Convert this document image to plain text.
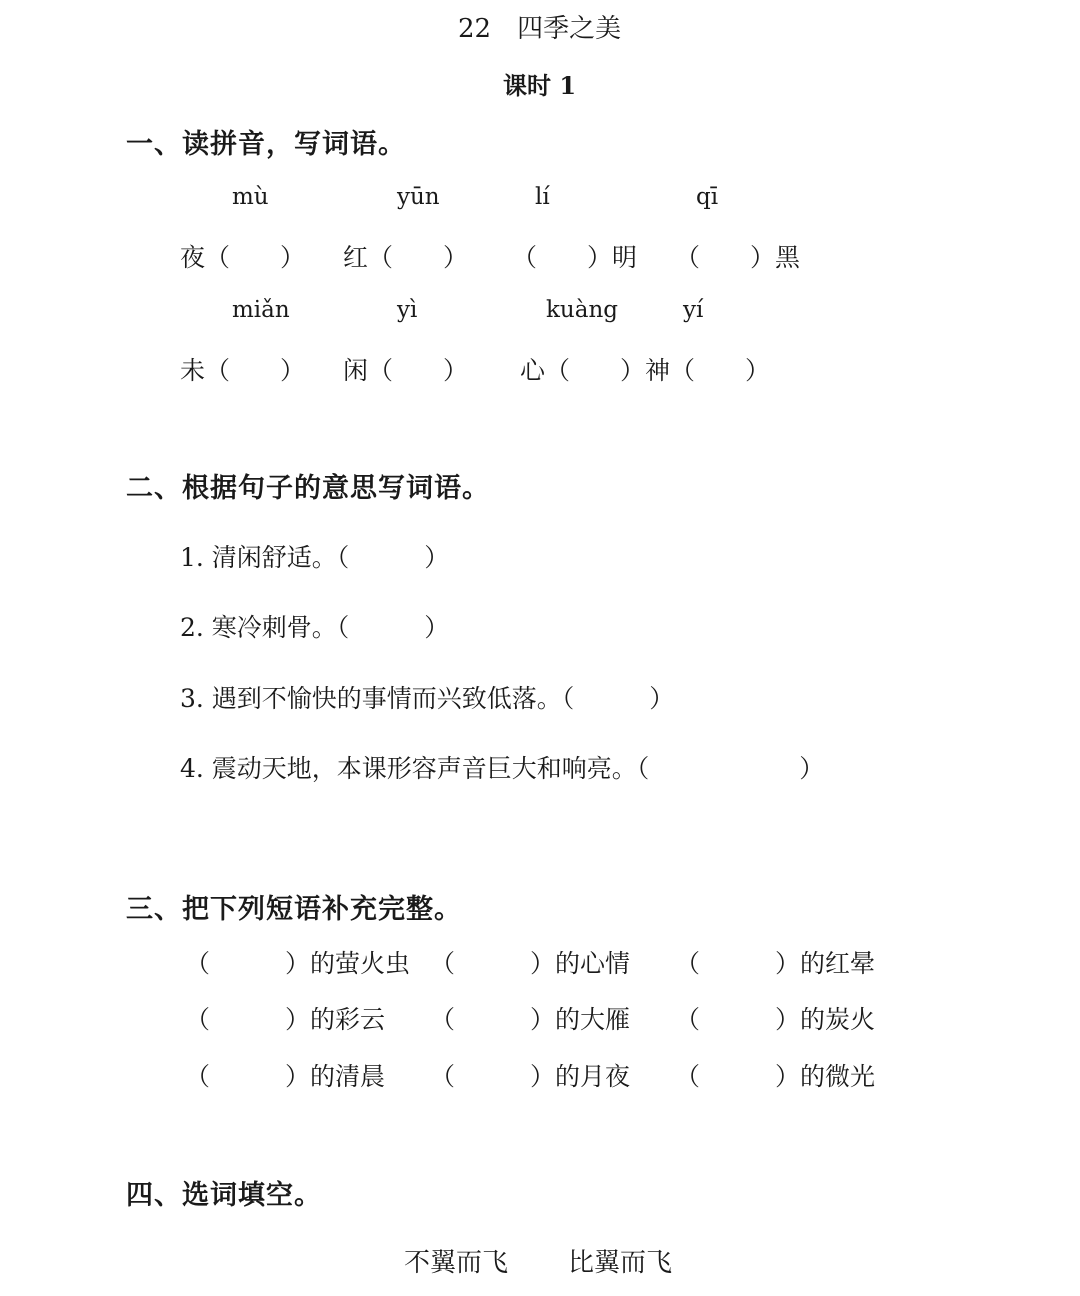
22　四季之美
课时 1
一、读拼音，写词语。
mù	yūn	lí	qī
夜（　　） 红（　　） （　　）明 （　　）黑
miǎn	yì	kuàng	yí
未（　　） 闲（　　） 心（　　）神（　　）
二、根据句子的意思写词语。
1. 清闲舒适。（　　　）
2. 寒冷刺骨。（　　　）
3. 遇到不愉快的事情而兴致低落。（　　　）
4. 震动天地，本课形容声音巨大和响亮。（　　　　　　）
三、把下列短语补充完整。
（　　　）的萤火虫 （　　　）的心情 （　　　）的红晕
（　　　）的彩云 （　　　）的大雁 （　　　）的炭火
（　　　）的清晨 （　　　）的月夜 （　　　）的微光
四、选词填空。
不翼而飞 比翼而飞
